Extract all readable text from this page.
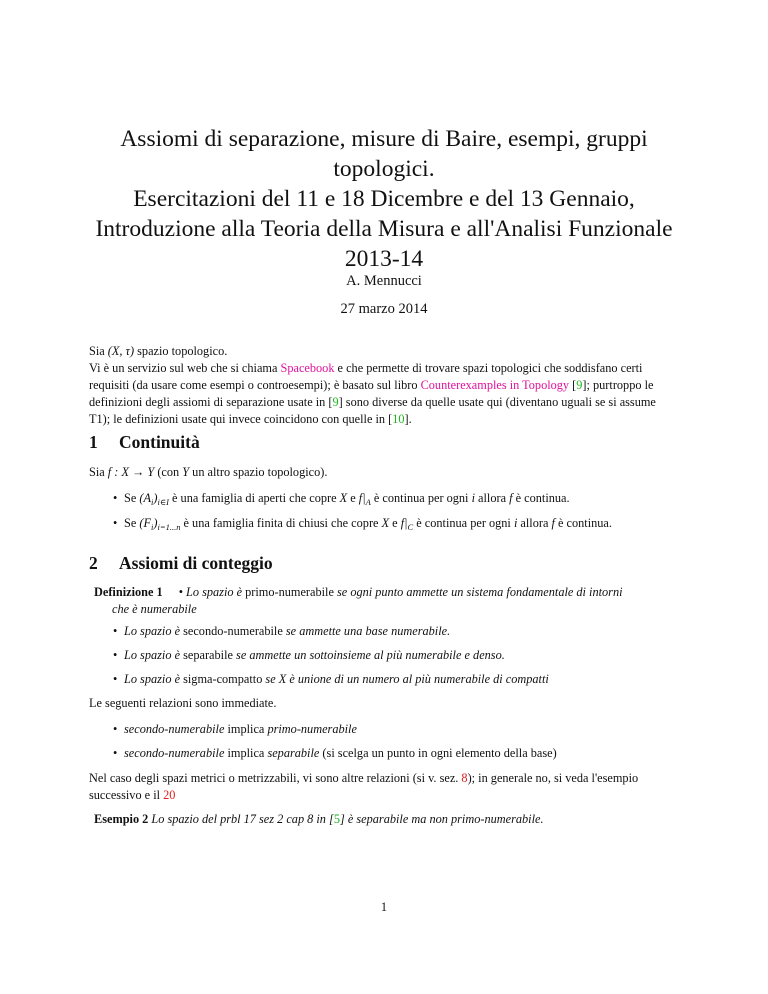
Assiomi di separazione, misure di Baire, esempi, gruppi
topologici.
Esercitazioni del 11 e 18 Dicembre e del 13 Gennaio,
Introduzione alla Teoria della Misura e all'Analisi Funzionale
2013-14
A. Mennucci
27 marzo 2014
Sia (X, τ) spazio topologico.
Vi è un servizio sul web che si chiama Spacebook e che permette di trovare spazi topologici che soddisfano certi
requisiti (da usare come esempi o controesempi); è basato sul libro Counterexamples in Topology [9]; purtroppo le
definizioni degli assiomi di separazione usate in [9] sono diverse da quelle usate qui (diventano uguali se si assume
T1); le definizioni usate qui invece coincidono con quelle in [10].
1 Continuità
Sia f : X → Y (con Y un altro spazio topologico).
• Se $(A_i)_{i\in I}$ è una famiglia di aperti che copre X e $f|_A$ è continua per ogni i allora f è continua.
• Se $(F_i)_{i=1...n}$ è una famiglia finita di chiusi che copre X e $f|_C$ è continua per ogni i allora f è continua.
2 Assiomi di conteggio
Definizione 1 • Lo spazio è primo-numerabile se ogni punto ammette un sistema fondamentale di intorni
che è numerabile
• Lo spazio è secondo-numerabile se ammette una base numerabile.
• Lo spazio è separabile se ammette un sottoinsieme al più numerabile e denso.
• Lo spazio è sigma-compatto se X è unione di un numero al più numerabile di compatti
Le seguenti relazioni sono immediate.
• secondo-numerabile implica primo-numerabile
• secondo-numerabile implica separabile (si scelga un punto in ogni elemento della base)
Nel caso degli spazi metrici o metrizzabili, vi sono altre relazioni (si v. sez. 8); in generale no, si veda l'esempio
successivo e il 20
Esempio 2 Lo spazio del prbl 17 sez 2 cap 8 in [5] è separabile ma non primo-numerabile.
1
